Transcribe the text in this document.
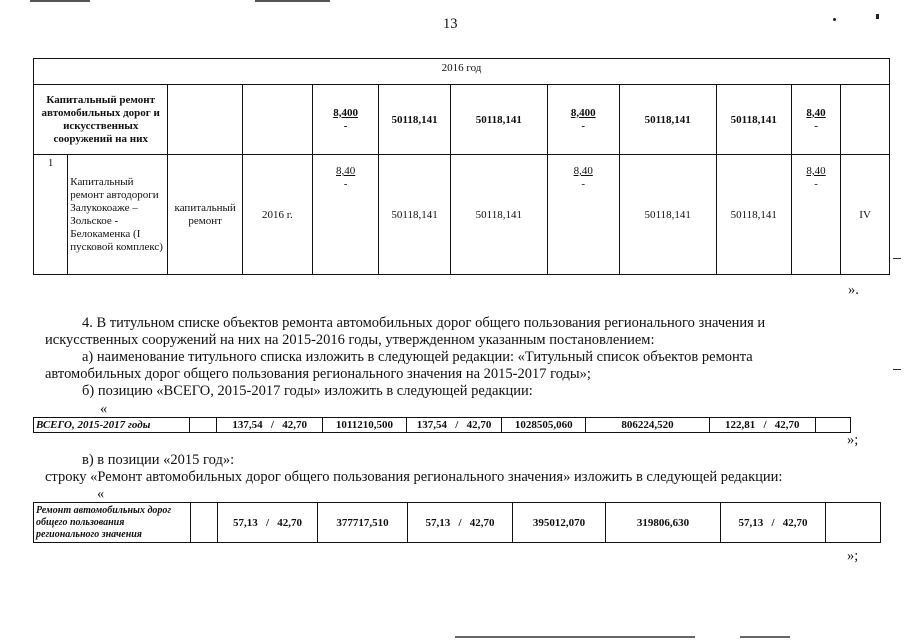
13
2016 год											
Капитальный ремонт автомобильных дорог и искусственных сооружений на них				$\frac{8,400}{-}$	50118,141	50118,141	$\frac{8,400}{-}$	50118,141	50118,141	$\frac{8,40}{-}$	
1	Капитальный ремонт автодороги Залукокоаже – Зольское - Белокаменка (I пусковой комплекс)	капитальный ремонт	2016 г.	$\frac{8,40}{-}$	50118,141	50118,141	$\frac{8,40}{-}$	50118,141	50118,141	$\frac{8,40}{-}$	IV
».
4. В титульном списке объектов ремонта автомобильных дорог общего пользования регионального значения и
искусственных сооружений на них на 2015-2016 годы, утвержденном указанным постановлением:
а) наименование титульного списка изложить в следующей редакции: «Титульный список объектов ремонта
автомобильных дорог общего пользования регионального значения на 2015-2017 годы»;
б) позицию «ВСЕГО, 2015-2017 годы» изложить в следующей редакции:
«
ВСЕГО, 2015-2017 годы		137,54   /   42,70	1011210,500	137,54   /   42,70	1028505,060	806224,520	122,81   /   42,70	
»;
в) в позиции «2015 год»:
строку «Ремонт автомобильных дорог общего пользования регионального значения» изложить в следующей редакции:
«
Ремонт автомобильных дорог общего пользования регионального значения		57,13   /   42,70	377717,510	57,13   /   42,70	395012,070	319806,630	57,13   /   42,70	
»;
